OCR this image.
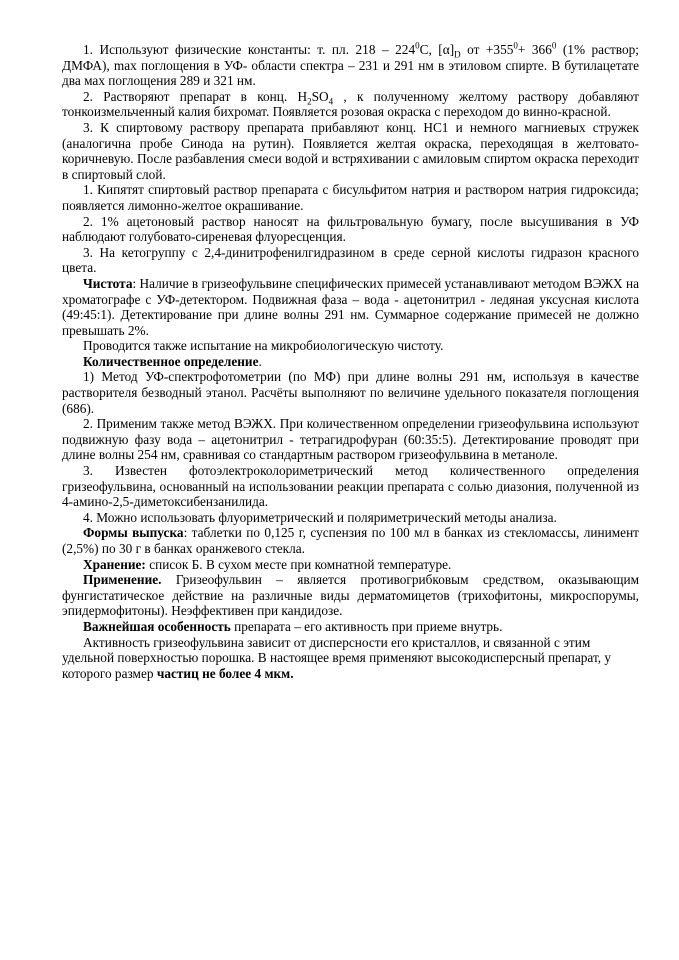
1. Используют физические константы: т. пл. $218 - 224^0С$, $[\alpha]_D$ от $+355^0+ 366^0$ (1% раствор; ДМФА), max поглощения в УФ- области спектра – 231 и 291 нм в этиловом спирте. В бутилацетате два мах поглощения 289 и 321 нм.

2. Растворяют препарат в конц. $H_2SO_4$ , к полученному желтому раствору добавляют тонкоизмельченный калия бихромат. Появляется розовая окраска с переходом до винно-красной.

3. К спиртовому раствору препарата прибавляют конц. НС1 и немного магниевых стружек (аналогична пробе Синода на рутин). Появляется желтая окраска, переходящая в желтовато-коричневую. После разбавления смеси водой и встряхивании с амиловым спиртом окраска переходит в спиртовый слой.

1. Кипятят спиртовый раствор препарата с бисульфитом натрия и раствором натрия гидроксида; появляется лимонно-желтое окрашивание.

2. 1% ацетоновый раствор наносят на фильтровальную бумагу, после высушивания в УФ наблюдают голубовато-сиреневая флуоресценция.

3. На кетогруппу с 2,4-динитрофенилгидразином в среде серной кислоты гидразон красного цвета.

Чистота: Наличие в гризеофульвине специфических примесей устанавливают методом ВЭЖХ на хроматографе с УФ-детектором. Подвижная фаза – вода - ацетонитрил - ледяная уксусная кислота (49:45:1). Детектирование при длине волны 291 нм. Суммарное содержание примесей не должно превышать 2%.

Проводится также испытание на микробиологическую чистоту.

Количественное определение.

1) Метод УФ-спектрофотометрии (по МФ) при длине волны 291 нм, используя в качестве растворителя безводный этанол. Расчёты выполняют по величине удельного показателя поглощения (686).

2. Применим также метод ВЭЖХ. При количественном определении гризеофульвина используют подвижную фазу вода – ацетонитрил - тетрагидрофуран (60:35:5). Детектирование проводят при длине волны 254 нм, сравнивая со стандартным раствором гризеофульвина в метаноле.

3. Известен фотоэлектроколориметрический метод количественного определения гризеофульвина, основанный на использовании реакции препарата с солью диазония, полученной из 4-амино-2,5-диметоксибензанилида.

4. Можно использовать флуориметрический и поляриметрический методы анализа.

Формы выпуска: таблетки по 0,125 г, суспензия по 100 мл в банках из стекломассы, линимент (2,5%) по 30 г в банках оранжевого стекла.

Хранение: список Б. В сухом месте при комнатной температуре.

Применение. Гризеофульвин – является противогрибковым средством, оказывающим фунгистатическое действие на различные виды дерматомицетов (трихофитоны, микроспорумы, эпидермофитоны). Неэффективен при кандидозе.

Важнейшая особенность препарата – его активность при приеме внутрь.

Активность гризеофульвина зависит от дисперсности его кристаллов, и связанной с этим удельной поверхностью порошка. В настоящее время применяют высокодисперсный препарат, у которого размер частиц не более 4 мкм.
